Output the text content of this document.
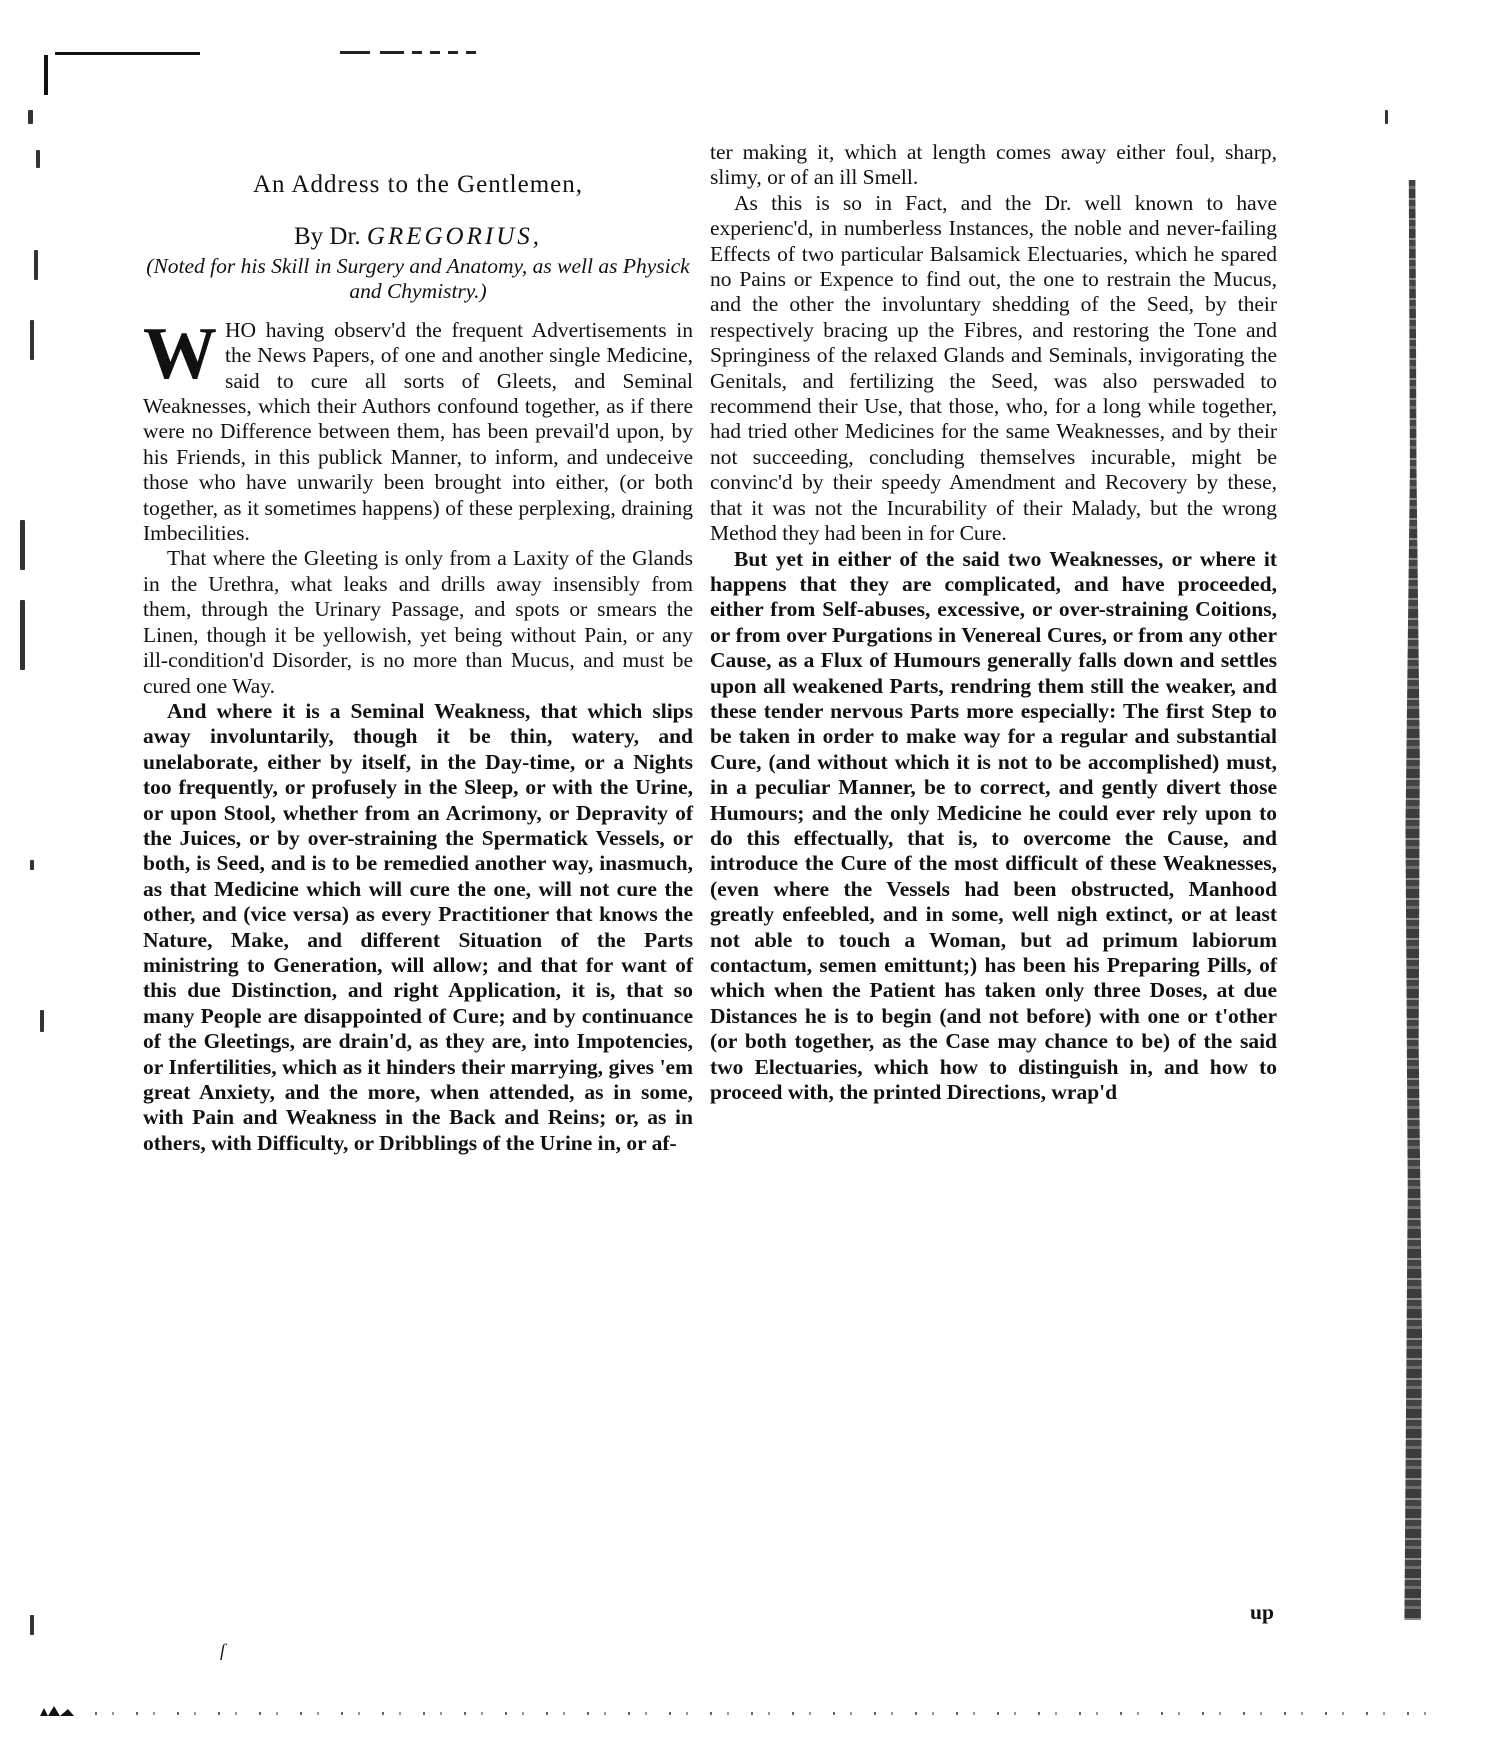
An Address to the Gentlemen,
By Dr. GREGORIUS,
(Noted for his Skill in Surgery and Anatomy, as well as Physick and Chymistry.)

WHO having observ'd the frequent Advertisements in the News Papers, of one and another single Medicine, said to cure all sorts of Gleets, and Seminal Weaknesses, which their Authors confound together, as if there were no Difference between them, has been prevail'd upon, by his Friends, in this publick Manner, to inform, and undeceive those who have unwarily been brought into either, (or both together, as it sometimes happens) of these perplexing, draining Imbecilities.

That where the Gleeting is only from a Laxity of the Glands in the Urethra, what leaks and drills away insensibly from them, through the Urinary Passage, and spots or smears the Linen, though it be yellowish, yet being without Pain, or any ill-condition'd Disorder, is no more than Mucus, and must be cured one Way.

And where it is a Seminal Weakness, that which slips away involuntarily, though it be thin, watery, and unelaborate, either by itself, in the Day-time, or a Nights too frequently, or profusely in the Sleep, or with the Urine, or upon Stool, whether from an Acrimony, or Depravity of the Juices, or by over-straining the Spermatick Vessels, or both, is Seed, and is to be remedied another way, inasmuch, as that Medicine which will cure the one, will not cure the other, and (vice versa) as every Practitioner that knows the Nature, Make, and different Situation of the Parts ministring to Generation, will allow; and that for want of this due Distinction, and right Application, it is, that so many People are disappointed of Cure; and by continuance of the Gleetings, are drain'd, as they are, into Impotencies, or Infertilities, which as it hinders their marrying, gives 'em great Anxiety, and the more, when attended, as in some, with Pain and Weakness in the Back and Reins; or, as in others, with Difficulty, or Dribblings of the Urine in, or af-

ter making it, which at length comes away either foul, sharp, slimy, or of an ill Smell.

As this is so in Fact, and the Dr. well known to have experienc'd, in numberless Instances, the noble and never-failing Effects of two particular Balsamick Electuaries, which he spared no Pains or Expence to find out, the one to restrain the Mucus, and the other the involuntary shedding of the Seed, by their respectively bracing up the Fibres, and restoring the Tone and Springiness of the relaxed Glands and Seminals, invigorating the Genitals, and fertilizing the Seed, was also perswaded to recommend their Use, that those, who, for a long while together, had tried other Medicines for the same Weaknesses, and by their not succeeding, concluding themselves incurable, might be convinc'd by their speedy Amendment and Recovery by these, that it was not the Incurability of their Malady, but the wrong Method they had been in for Cure.

But yet in either of the said two Weaknesses, or where it happens that they are complicated, and have proceeded, either from Self-abuses, excessive, or over-straining Coitions, or from over Purgations in Venereal Cures, or from any other Cause, as a Flux of Humours generally falls down and settles upon all weakened Parts, rendring them still the weaker, and these tender nervous Parts more especially: The first Step to be taken in order to make way for a regular and substantial Cure, (and without which it is not to be accomplished) must, in a peculiar Manner, be to correct, and gently divert those Humours; and the only Medicine he could ever rely upon to do this effectually, that is, to overcome the Cause, and introduce the Cure of the most difficult of these Weaknesses, (even where the Vessels had been obstructed, Manhood greatly enfeebled, and in some, well nigh extinct, or at least not able to touch a Woman, but ad primum labiorum contactum, semen emittunt;) has been his Preparing Pills, of which when the Patient has taken only three Doses, at due Distances he is to begin (and not before) with one or t'other (or both together, as the Case may chance to be) of the said two Electuaries, which how to distinguish in, and how to proceed with, the printed Directions, wrap'd

up
ſ
